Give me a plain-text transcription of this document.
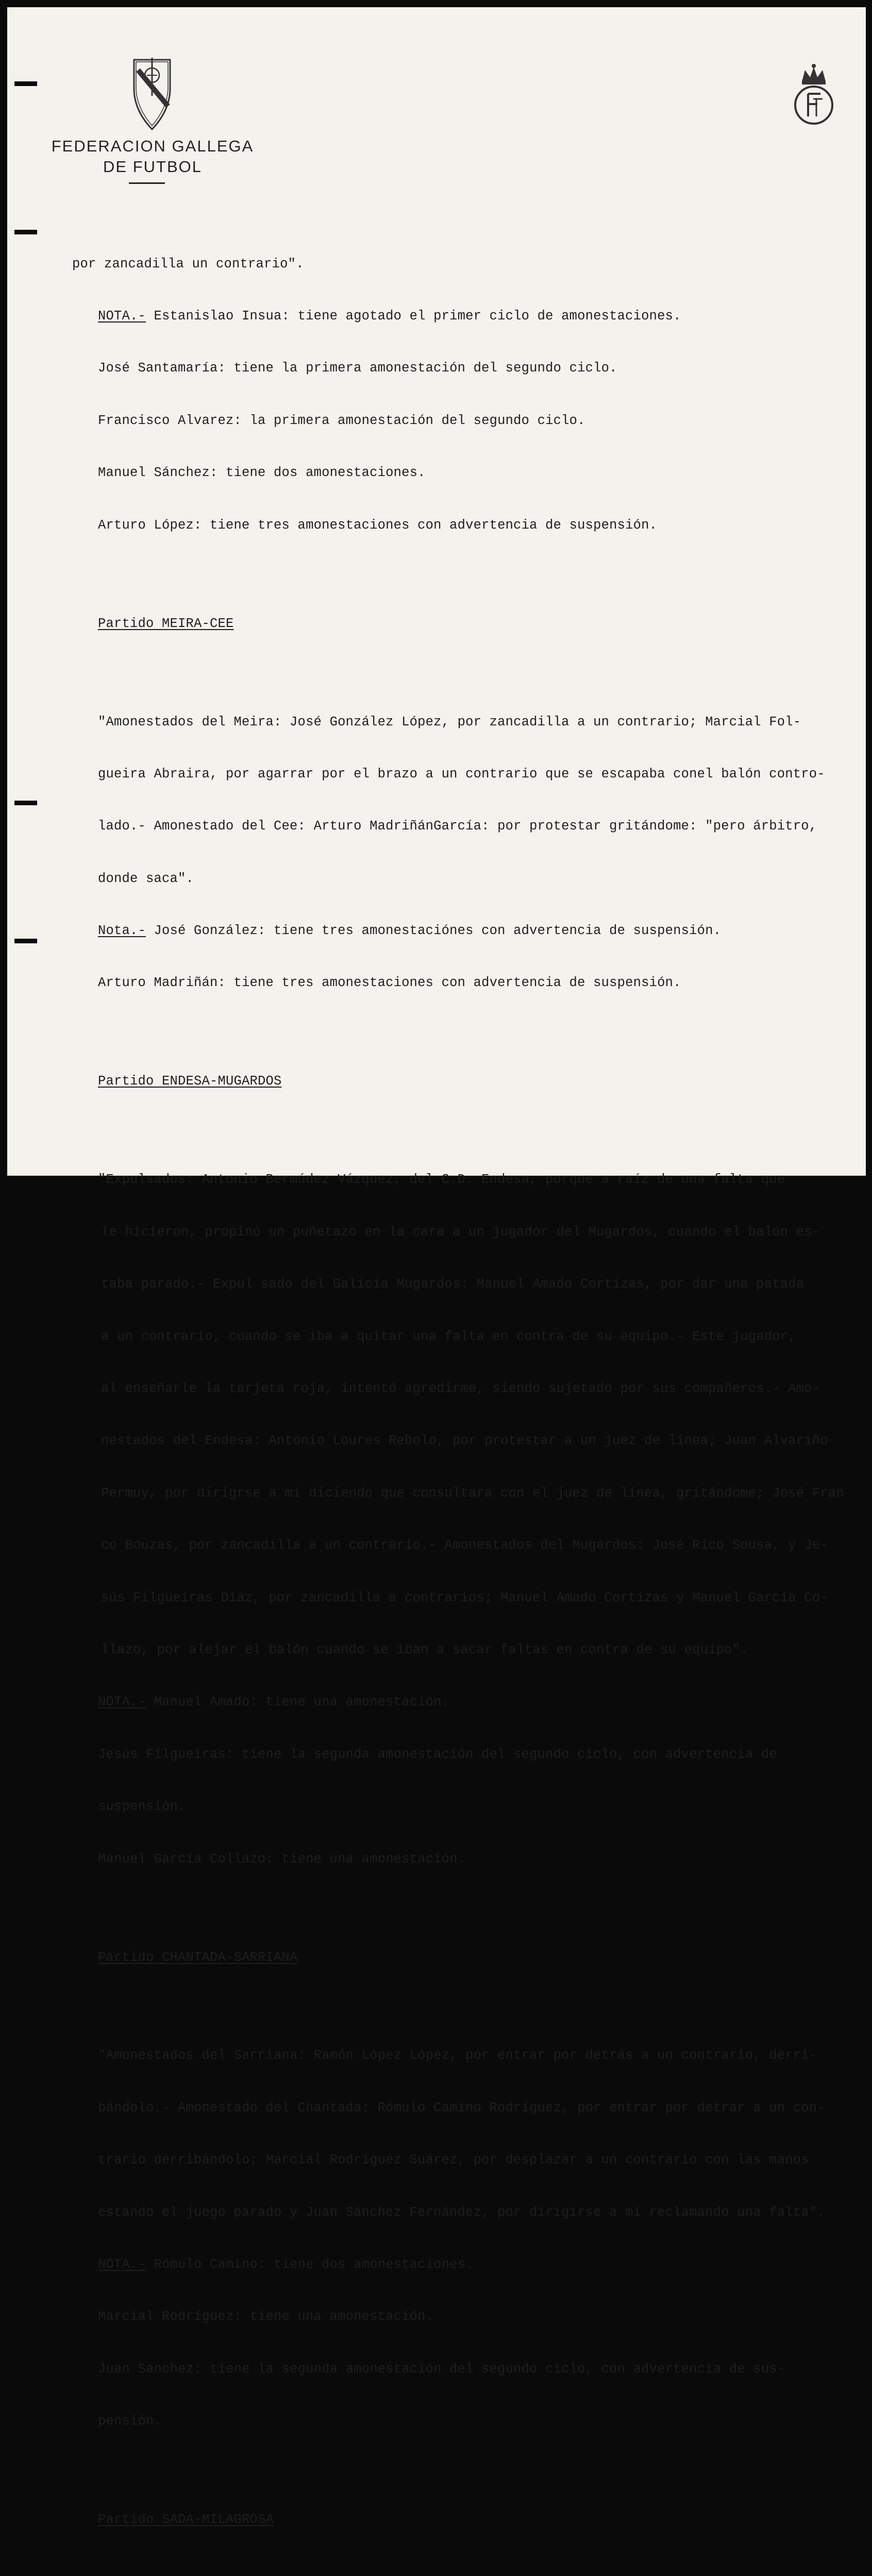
FEDERACION GALLEGA
DE FUTBOL

por zancadilla un contrario".

NOTA.- Estanislao Insua: tiene agotado el primer ciclo de amonestaciones.

José Santamaría: tiene la primera amonestación del segundo ciclo.

Francisco Alvarez: la primera amonestación del segundo ciclo.

Manuel Sánchez: tiene dos amonestaciones.

Arturo López: tiene tres amonestaciones con advertencia de suspensión.

Partido MEIRA-CEE

"Amonestados del Meira: José González López, por zancadilla a un contrario; Marcial Fol-

gueira Abraira, por agarrar por el brazo a un contrario que se escapaba conel balón contro-

lado.- Amonestado del Cee: Arturo MadriñánGarcía: por protestar gritándome: "pero árbitro,

donde saca".

Nota.- José González: tiene tres amonestaciónes con advertencia de suspensión.

Arturo Madriñán: tiene tres amonestaciones con advertencia de suspensión.

Partido ENDESA-MUGARDOS

"Expulsados: Antonio Bermúdez Vázquez, del C.D. Endesa, porque a raíz de una falta que

le hicieron, propinó un puñetazo en la cara a un jugador del Mugardos, cuando el balón es-

taba parado.- Expul sado del Galicia Mugardos: Manuel Amado Cortizas, por dar una patada

a un contrario, cuando se iba a quitar una falta en contra de su equipo.- Este jugador,

al enseñarle la tarjeta roja, intentó agredirme, siendo sujetado por sus compañeros.- Amo-

nestados del Endesa: Antonio Loures Rebolo, por protestar a un juez de línea; Juan Alvariño

Permuy, por dirigrse a mí diciendo que consultara con el juez de línea, gritándome; José Fran

co Bouzas, por zancadilla a un contrario.- Amonestados del Mugardos: José Rico Sousa, y Je-

sús Filgueiras Díaz, por zancadilla a contrarios; Manuel Amado Cortizas y Manuel García Co-

llazo, por alejar el balón cuando se iban a sacar faltas en contra de su equipo".

NOTA.- Manuel Amado: tiene una amonestación.

Jesús Filgueiras: tiene la segunda amonestación del segundo ciclo, con advertencia de

suspensión.

Manuel García Collazo: tiene una amonestación.

Partido CHANTADA-SARRIANA

"Amonestados del Sarriana: Ramón López López, por entrar por detrás a un contrario, derri-

bándolo.- Amonestado del Chantada: Rómulo Camino Rodríguez, por entrar por detrar a un con-

trario derribándolo; Marcial Rodríguez Suárez, por desplazar a un contrario con las manos

estando el juego parado y Juan Sánchez Fernández, por dirigirse a mí reclamando una falta".

NOTA.- Rómulo Camino: tiene dos amonestaciones.

Marcial Rodríguez: tiene una amonestación.

Juan Sánchez: tiene la segunda amonestación del segundo ciclo, con advertencia de sus-

pensión.

Partido SADA-MILAGROSA
